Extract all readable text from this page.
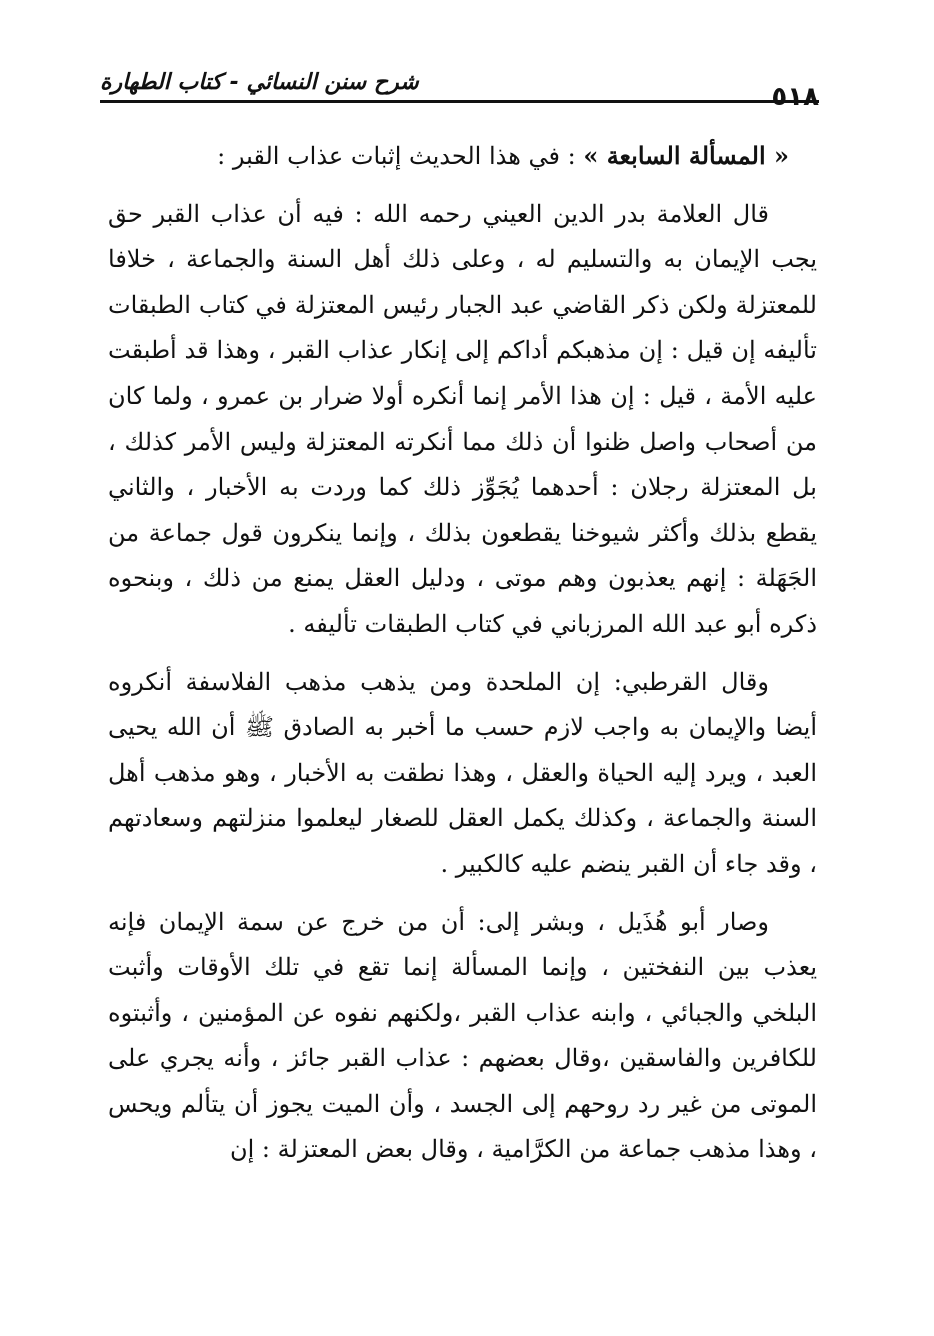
٥١٨
شرح سنن النسائي - كتاب الطهارة

« المسألة السابعة » : في هذا الحديث إثبات عذاب القبر :

قال العلامة بدر الدين العيني رحمه الله : فيه أن عذاب القبر حق يجب الإيمان به والتسليم له ، وعلى ذلك أهل السنة والجماعة ، خلافا للمعتزلة ولكن ذكر القاضي عبد الجبار رئيس المعتزلة في كتاب الطبقات تأليفه إن قيل : إن مذهبكم أداكم إلى إنكار عذاب القبر ، وهذا قد أطبقت عليه الأمة ، قيل : إن هذا الأمر إنما أنكره أولا ضرار بن عمرو ، ولما كان من أصحاب واصل ظنوا أن ذلك مما أنكرته المعتزلة وليس الأمر كذلك ، بل المعتزلة رجلان : أحدهما يُجَوِّز ذلك كما وردت به الأخبار ، والثاني يقطع بذلك وأكثر شيوخنا يقطعون بذلك ، وإنما ينكرون قول جماعة من الجَهَلة : إنهم يعذبون وهم موتى ، ودليل العقل يمنع من ذلك ، وبنحوه ذكره أبو عبد الله المرزباني في كتاب الطبقات تأليفه .

وقال القرطبي: إن الملحدة ومن يذهب مذهب الفلاسفة أنكروه أيضا والإيمان به واجب لازم حسب ما أخبر به الصادق ﷺ أن الله يحيى العبد ، ويرد إليه الحياة والعقل ، وهذا نطقت به الأخبار ، وهو مذهب أهل السنة والجماعة ، وكذلك يكمل العقل للصغار ليعلموا منزلتهم وسعادتهم ، وقد جاء أن القبر ينضم عليه كالكبير .

وصار أبو هُذَيل ، وبشر إلى: أن من خرج عن سمة الإيمان فإنه يعذب بين النفختين ، وإنما المسألة إنما تقع في تلك الأوقات وأثبت البلخي والجبائي ، وابنه عذاب القبر ،ولكنهم نفوه عن المؤمنين ، وأثبتوه للكافرين والفاسقين ،وقال بعضهم : عذاب القبر جائز ، وأنه يجري على الموتى من غير رد روحهم إلى الجسد ، وأن الميت يجوز أن يتألم ويحس ، وهذا مذهب جماعة من الكرَّامية ، وقال بعض المعتزلة : إن
